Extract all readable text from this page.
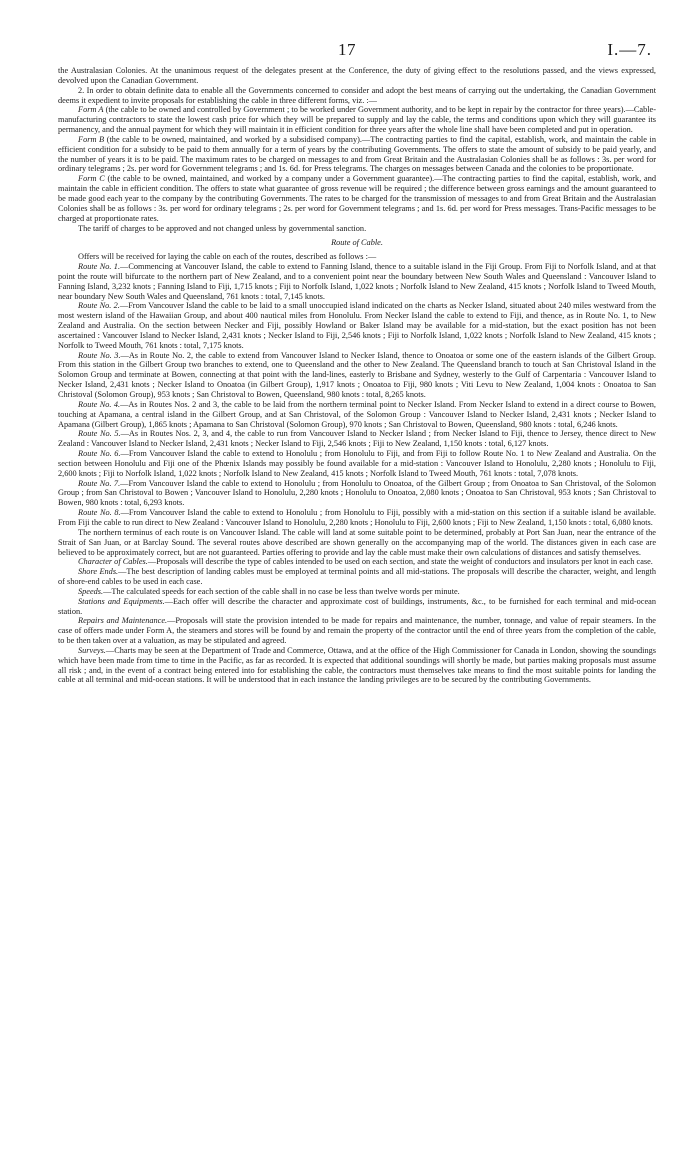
17	I.—7.

the Australasian Colonies. At the unanimous request of the delegates present at the Conference, the duty of giving effect to the resolutions passed, and the views expressed, devolved upon the Canadian Government.

2. In order to obtain definite data to enable all the Governments concerned to consider and adopt the best means of carrying out the undertaking, the Canadian Government deems it expedient to invite proposals for establishing the cable in three different forms, viz. :—

Form A (the cable to be owned and controlled by Government ; to be worked under Government authority, and to be kept in repair by the contractor for three years).—Cable-manufacturing contractors to state the lowest cash price for which they will be prepared to supply and lay the cable, the terms and conditions upon which they will guarantee its permanency, and the annual payment for which they will maintain it in efficient condition for three years after the whole line shall have been completed and put in operation.

Form B (the cable to be owned, maintained, and worked by a subsidised company).—The contracting parties to find the capital, establish, work, and maintain the cable in efficient condition for a subsidy to be paid to them annually for a term of years by the contributing Governments. The offers to state the amount of subsidy to be paid yearly, and the number of years it is to be paid. The maximum rates to be charged on messages to and from Great Britain and the Australasian Colonies shall be as follows : 3s. per word for ordinary telegrams ; 2s. per word for Government telegrams ; and 1s. 6d. for Press telegrams. The charges on messages between Canada and the colonies to be proportionate.

Form C (the cable to be owned, maintained, and worked by a company under a Government guarantee).—The contracting parties to find the capital, establish, work, and maintain the cable in efficient condition. The offers to state what guarantee of gross revenue will be required ; the difference between gross earnings and the amount guaranteed to be made good each year to the company by the contributing Governments. The rates to be charged for the transmission of messages to and from Great Britain and the Australasian Colonies shall be as follows : 3s. per word for ordinary telegrams ; 2s. per word for Government telegrams ; and 1s. 6d. per word for Press messages. Trans-Pacific messages to be charged at proportionate rates.

The tariff of charges to be approved and not changed unless by governmental sanction.

Route of Cable.

Offers will be received for laying the cable on each of the routes, described as follows :—

Route No. 1.—Commencing at Vancouver Island, the cable to extend to Fanning Island, thence to a suitable island in the Fiji Group. From Fiji to Norfolk Island, and at that point the route will bifurcate to the northern part of New Zealand, and to a convenient point near the boundary between New South Wales and Queensland : Vancouver Island to Fanning Island, 3,232 knots ; Fanning Island to Fiji, 1,715 knots ; Fiji to Norfolk Island, 1,022 knots ; Norfolk Island to New Zealand, 415 knots ; Norfolk Island to Tweed Mouth, near boundary New South Wales and Queensland, 761 knots : total, 7,145 knots.

Route No. 2.—From Vancouver Island the cable to be laid to a small unoccupied island indicated on the charts as Necker Island, situated about 240 miles westward from the most western island of the Hawaiian Group, and about 400 nautical miles from Honolulu. From Necker Island the cable to extend to Fiji, and thence, as in Route No. 1, to New Zealand and Australia. On the section between Necker and Fiji, possibly Howland or Baker Island may be available for a mid-station, but the exact position has not been ascertained : Vancouver Island to Necker Island, 2,431 knots ; Necker Island to Fiji, 2,546 knots ; Fiji to Norfolk Island, 1,022 knots ; Norfolk Island to New Zealand, 415 knots ; Norfolk to Tweed Mouth, 761 knots : total, 7,175 knots.

Route No. 3.—As in Route No. 2, the cable to extend from Vancouver Island to Necker Island, thence to Onoatoa or some one of the eastern islands of the Gilbert Group. From this station in the Gilbert Group two branches to extend, one to Queensland and the other to New Zealand. The Queensland branch to touch at San Christoval Island in the Solomon Group and terminate at Bowen, connecting at that point with the land-lines, easterly to Brisbane and Sydney, westerly to the Gulf of Carpentaria : Vancouver Island to Necker Island, 2,431 knots ; Necker Island to Onoatoa (in Gilbert Group), 1,917 knots ; Onoatoa to Fiji, 980 knots ; Viti Levu to New Zealand, 1,004 knots : Onoatoa to San Christoval (Solomon Group), 953 knots ; San Christoval to Bowen, Queensland, 980 knots : total, 8,265 knots.

Route No. 4.—As in Routes Nos. 2 and 3, the cable to be laid from the northern terminal point to Necker Island. From Necker Island to extend in a direct course to Bowen, touching at Apamana, a central island in the Gilbert Group, and at San Christoval, of the Solomon Group : Vancouver Island to Necker Island, 2,431 knots ; Necker Island to Apamana (Gilbert Group), 1,865 knots ; Apamana to San Christoval (Solomon Group), 970 knots ; San Christoval to Bowen, Queensland, 980 knots : total, 6,246 knots.

Route No. 5.—As in Routes Nos. 2, 3, and 4, the cable to run from Vancouver Island to Necker Island ; from Necker Island to Fiji, thence to Jersey, thence direct to New Zealand : Vancouver Island to Necker Island, 2,431 knots ; Necker Island to Fiji, 2,546 knots ; Fiji to New Zealand, 1,150 knots : total, 6,127 knots.

Route No. 6.—From Vancouver Island the cable to extend to Honolulu ; from Honolulu to Fiji, and from Fiji to follow Route No. 1 to New Zealand and Australia. On the section between Honolulu and Fiji one of the Phœnix Islands may possibly be found available for a mid-station : Vancouver Island to Honolulu, 2,280 knots ; Honolulu to Fiji, 2,600 knots ; Fiji to Norfolk Island, 1,022 knots ; Norfolk Island to New Zealand, 415 knots ; Norfolk Island to Tweed Mouth, 761 knots : total, 7,078 knots.

Route No. 7.—From Vancouver Island the cable to extend to Honolulu ; from Honolulu to Onoatoa, of the Gilbert Group ; from Onoatoa to San Christoval, of the Solomon Group ; from San Christoval to Bowen ; Vancouver Island to Honolulu, 2,280 knots ; Honolulu to Onoatoa, 2,080 knots ; Onoatoa to San Christoval, 953 knots ; San Christoval to Bowen, 980 knots : total, 6,293 knots.

Route No. 8.—From Vancouver Island the cable to extend to Honolulu ; from Honolulu to Fiji, possibly with a mid-station on this section if a suitable island be available. From Fiji the cable to run direct to New Zealand : Vancouver Island to Honolulu, 2,280 knots ; Honolulu to Fiji, 2,600 knots ; Fiji to New Zealand, 1,150 knots : total, 6,080 knots.

The northern terminus of each route is on Vancouver Island. The cable will land at some suitable point to be determined, probably at Port San Juan, near the entrance of the Strait of San Juan, or at Barclay Sound. The several routes above described are shown generally on the accompanying map of the world. The distances given in each case are believed to be approximately correct, but are not guaranteed. Parties offering to provide and lay the cable must make their own calculations of distances and satisfy themselves.

Character of Cables.—Proposals will describe the type of cables intended to be used on each section, and state the weight of conductors and insulators per knot in each case.

Shore Ends.—The best description of landing cables must be employed at terminal points and all mid-stations. The proposals will describe the character, weight, and length of shore-end cables to be used in each case.

Speeds.—The calculated speeds for each section of the cable shall in no case be less than twelve words per minute.

Stations and Equipments.—Each offer will describe the character and approximate cost of buildings, instruments, &c., to be furnished for each terminal and mid-ocean station.

Repairs and Maintenance.—Proposals will state the provision intended to be made for repairs and maintenance, the number, tonnage, and value of repair steamers. In the case of offers made under Form A, the steamers and stores will be found by and remain the property of the contractor until the end of three years from the completion of the cable, to be then taken over at a valuation, as may be stipulated and agreed.

Surveys.—Charts may be seen at the Department of Trade and Commerce, Ottawa, and at the office of the High Commissioner for Canada in London, showing the soundings which have been made from time to time in the Pacific, as far as recorded. It is expected that additional soundings will shortly be made, but parties making proposals must assume all risk ; and, in the event of a contract being entered into for establishing the cable, the contractors must themselves take means to find the most suitable points for landing the cable at all terminal and mid-ocean stations. It will be understood that in each instance the landing privileges are to be secured by the contributing Governments.
